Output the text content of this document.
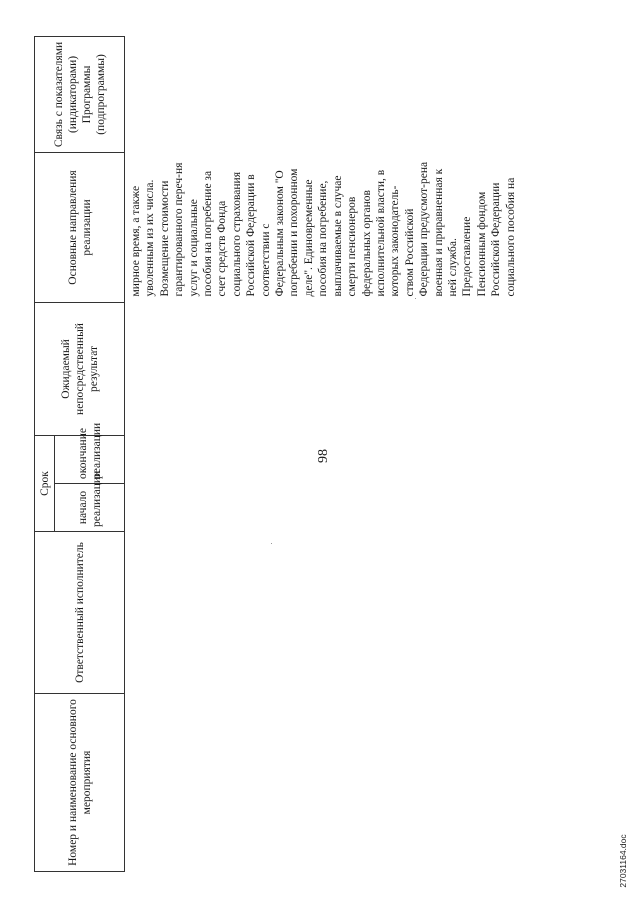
98
Номер и наименование основного мероприятия	Ответственный исполнитель	Срок		Ожидаемый непосредственный результат	Основные направления реализации	Связь с показателями (индикаторами) Программы (подпрограммы)

		начало реализации	окончание реализации			

					мирное время, а также уволенным из их числа. Возмещение стоимости гарантированного переч-ня услуг и социальные пособия на погребение за счет средств Фонда социального страхования Российской Федерации в соответствии с Федеральным законом "О погребении и похоронном деле". Единовременные пособия на погребение, выплачиваемые в случае смерти пенсионеров федеральных органов исполнительной власти, в которых законодатель-ством Российской Федерации предусмот-рена военная и приравненная к ней служба. Предоставление Пенсионным фондом Российской Федерации социального пособия на	

27031164.doc
